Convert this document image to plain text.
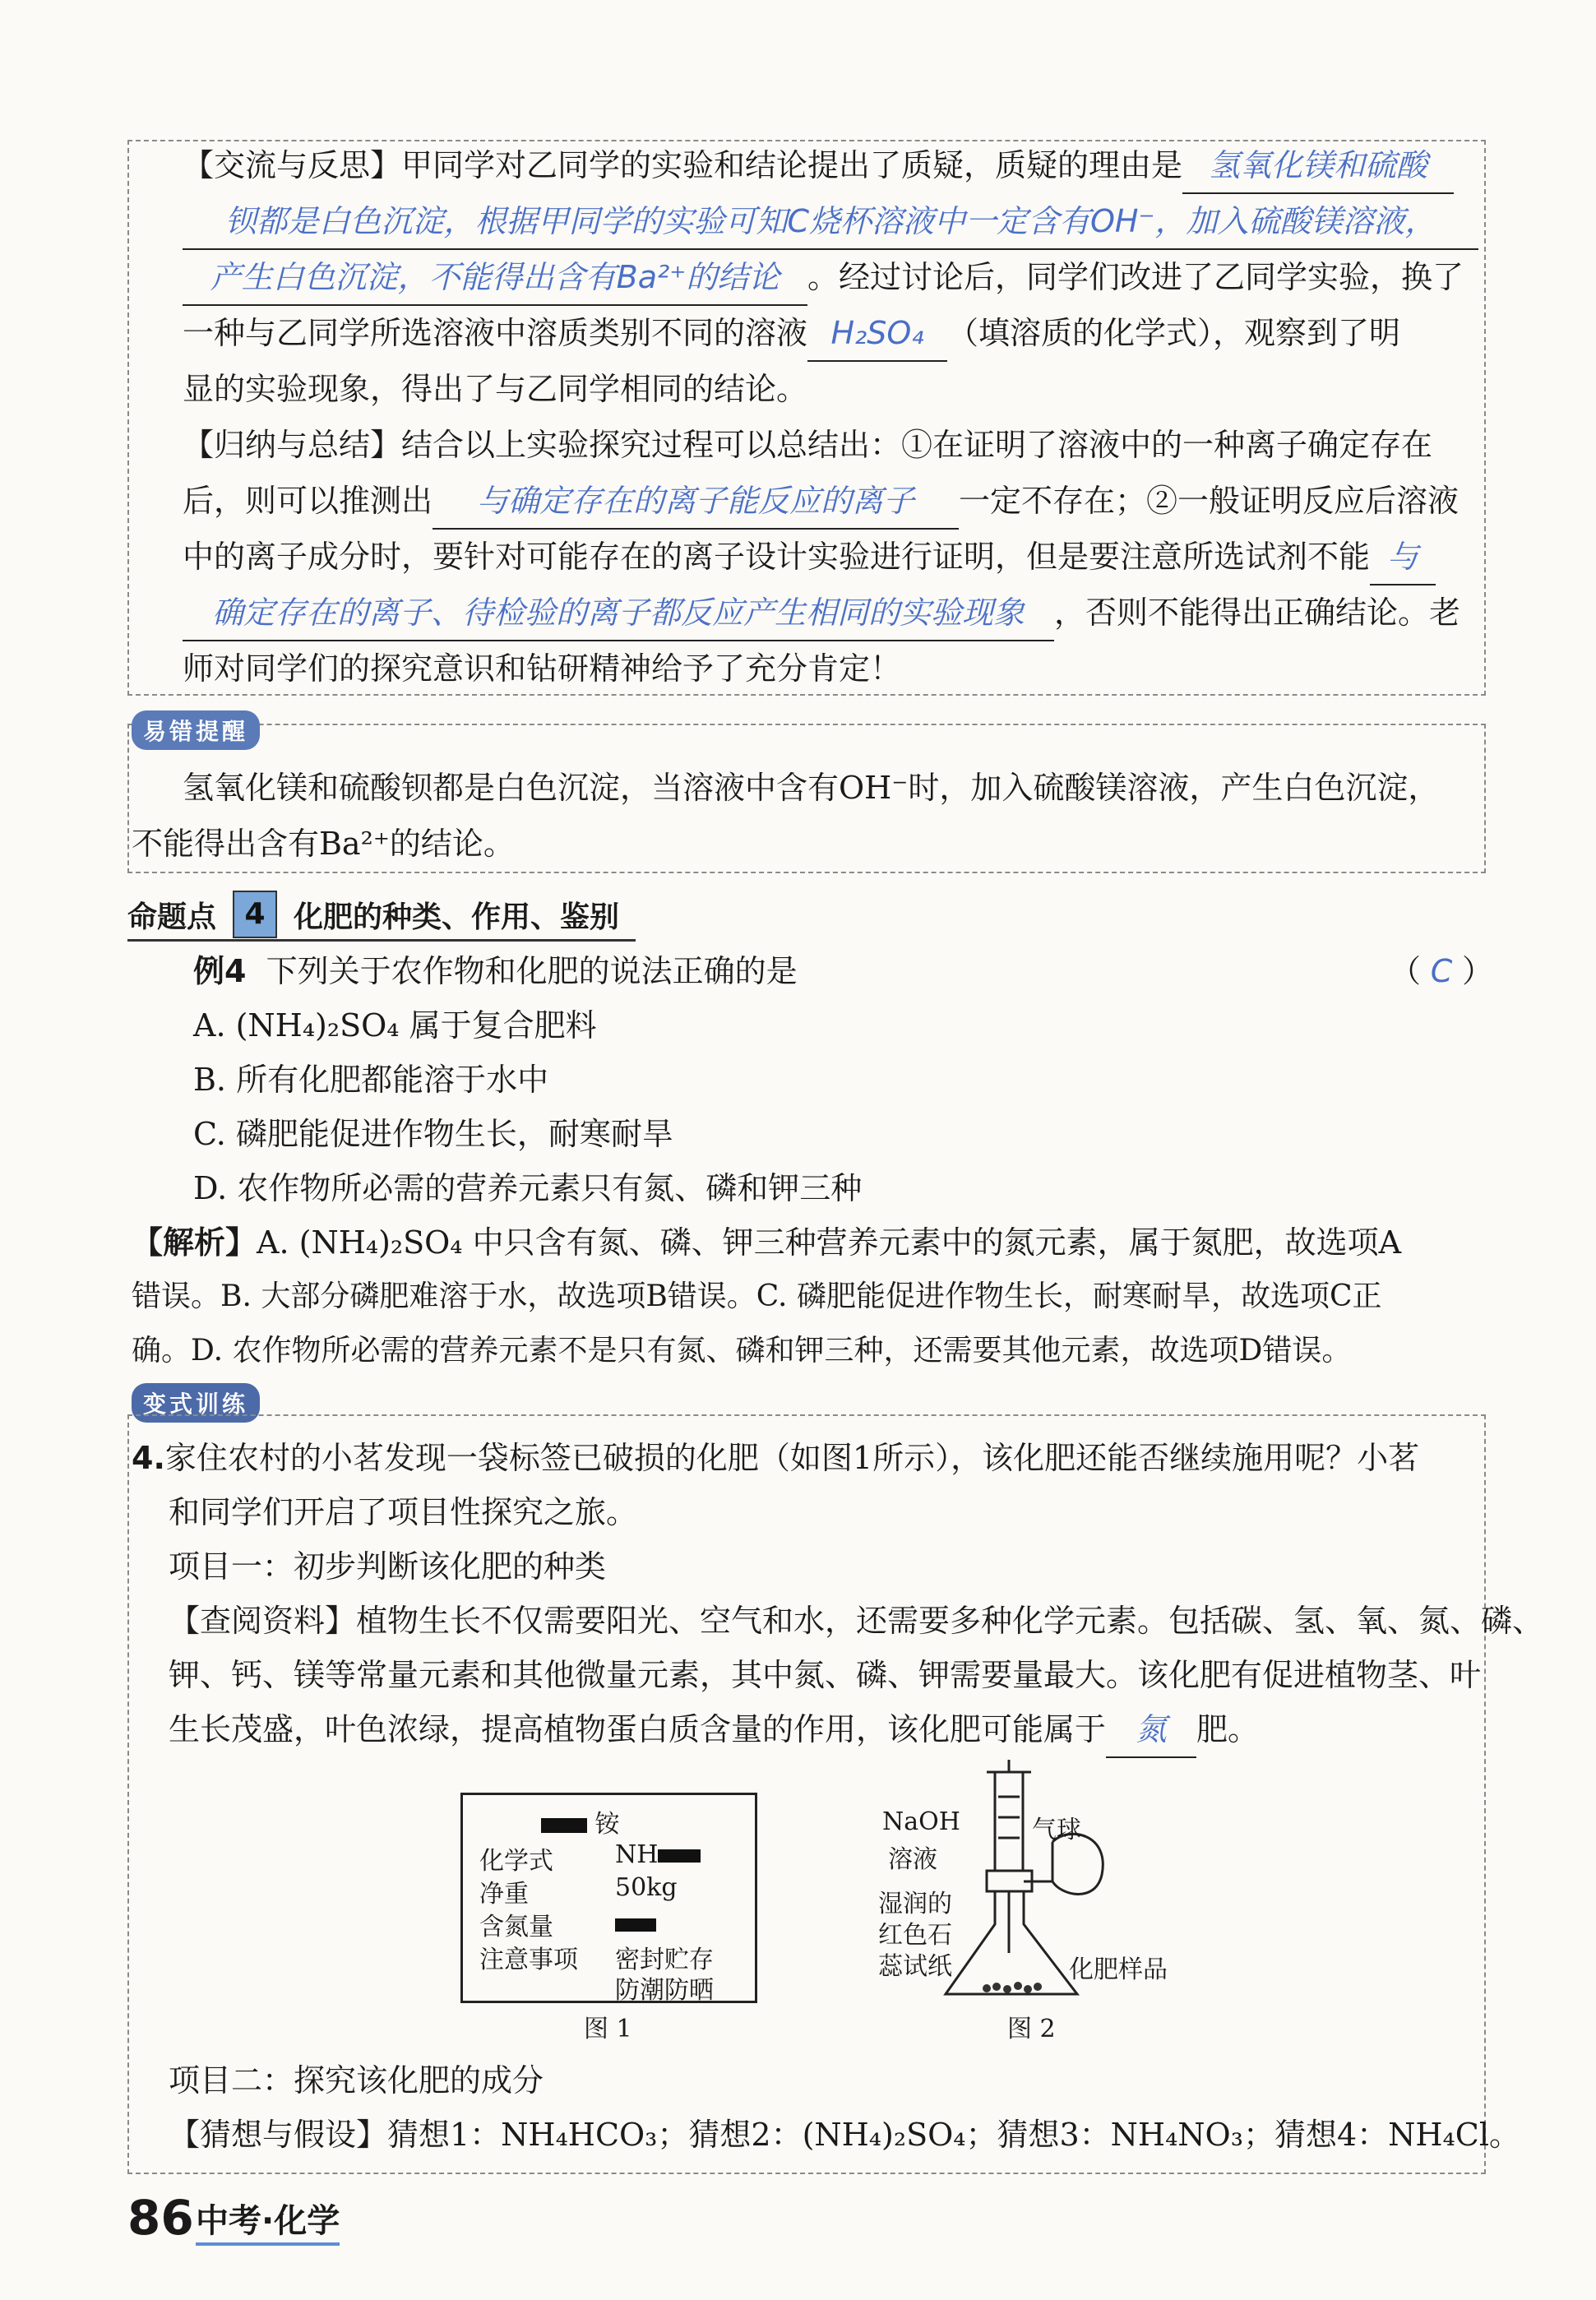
【交流与反思】甲同学对乙同学的实验和结论提出了质疑，质疑的理由是 氢氧化镁和硫酸
钡都是白色沉淀，根据甲同学的实验可知C烧杯溶液中一定含有OH⁻，加入硫酸镁溶液，
产生白色沉淀，不能得出含有Ba²⁺的结论 。经过讨论后，同学们改进了乙同学实验，换了
一种与乙同学所选溶液中溶质类别不同的溶液 H₂SO₄ （填溶质的化学式），观察到了明
显的实验现象，得出了与乙同学相同的结论。
【归纳与总结】结合以上实验探究过程可以总结出：①在证明了溶液中的一种离子确定存在
后，则可以推测出 与确定存在的离子能反应的离子 一定不存在；②一般证明反应后溶液
中的离子成分时，要针对可能存在的离子设计实验进行证明，但是要注意所选试剂不能 与
确定存在的离子、待检验的离子都反应产生相同的实验现象 ，否则不能得出正确结论。老
师对同学们的探究意识和钻研精神给予了充分肯定！
易错提醒
氢氧化镁和硫酸钡都是白色沉淀，当溶液中含有OH⁻时，加入硫酸镁溶液，产生白色沉淀，
不能得出含有Ba²⁺的结论。
命题点 4 化肥的种类、作用、鉴别
例4 下列关于农作物和化肥的说法正确的是	（ C ）
A. (NH₄)₂SO₄ 属于复合肥料
B. 所有化肥都能溶于水中
C. 磷肥能促进作物生长，耐寒耐旱
D. 农作物所必需的营养元素只有氮、磷和钾三种
【解析】A. (NH₄)₂SO₄ 中只含有氮、磷、钾三种营养元素中的氮元素，属于氮肥，故选项A
错误。B. 大部分磷肥难溶于水，故选项B错误。C. 磷肥能促进作物生长，耐寒耐旱，故选项C正
确。D. 农作物所必需的营养元素不是只有氮、磷和钾三种，还需要其他元素，故选项D错误。
变式训练
4.家住农村的小茗发现一袋标签已破损的化肥（如图1所示），该化肥还能否继续施用呢？小茗
和同学们开启了项目性探究之旅。
项目一：初步判断该化肥的种类
【查阅资料】植物生长不仅需要阳光、空气和水，还需要多种化学元素。包括碳、氢、氧、氮、磷、
钾、钙、镁等常量元素和其他微量元素，其中氮、磷、钾需要量最大。该化肥有促进植物茎、叶
生长茂盛，叶色浓绿，提高植物蛋白质含量的作用，该化肥可能属于 氮 肥。
铵
化学式	NH
净重	50kg
含氮量
注意事项 密封贮存
防潮防晒
图 1
NaOH
溶液
气球
湿润的
红色石
蕊试纸	化肥样品
图 2
项目二：探究该化肥的成分
【猜想与假设】猜想1：NH₄HCO₃；猜想2：(NH₄)₂SO₄；猜想3：NH₄NO₃；猜想4：NH₄Cl。
86 中考·化学
